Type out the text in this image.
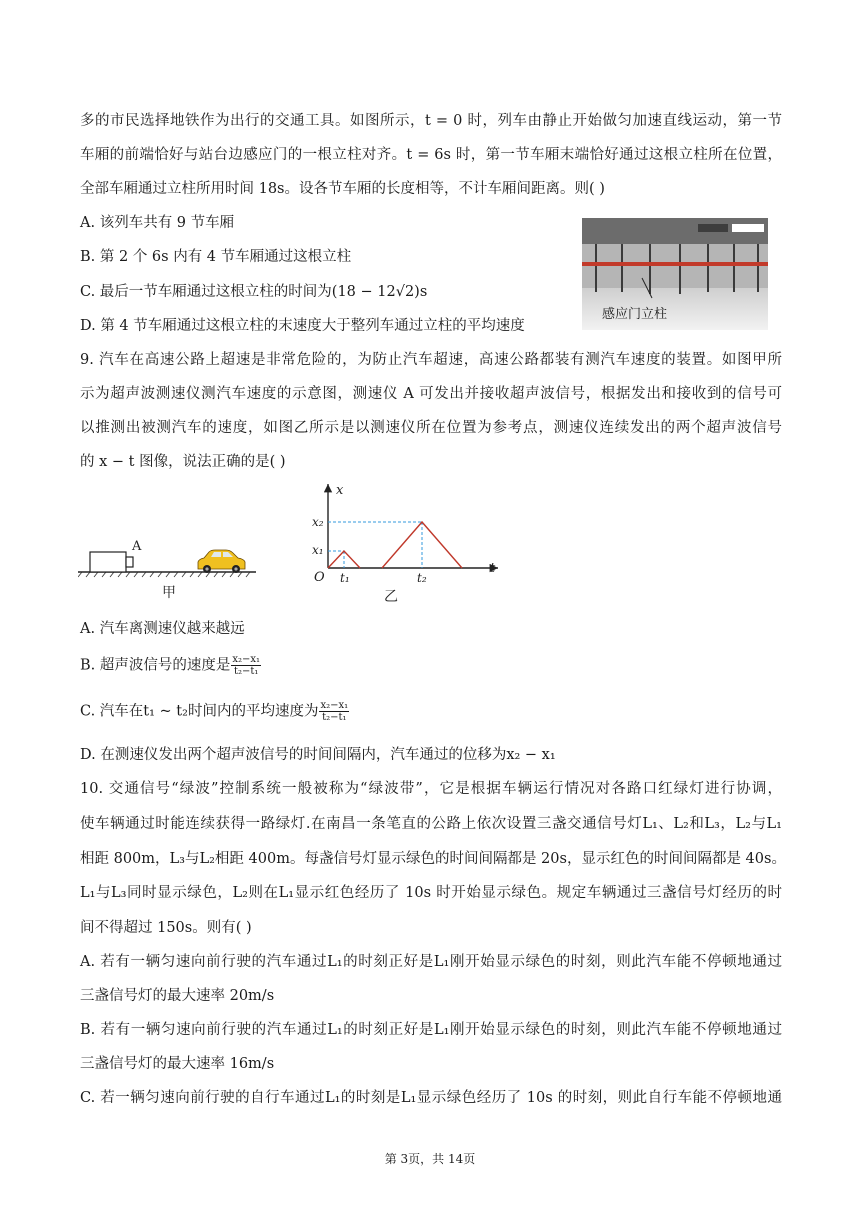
多的市民选择地铁作为出行的交通工具。如图所示，t = 0 时，列车由静止开始做匀加速直线运动，第一节
车厢的前端恰好与站台边感应门的一根立柱对齐。t = 6s 时，第一节车厢末端恰好通过这根立柱所在位置，
全部车厢通过立柱所用时间 18s。设各节车厢的长度相等，不计车厢间距离。则( )
A. 该列车共有 9 节车厢
B. 第 2 个 6s 内有 4 节车厢通过这根立柱
C. 最后一节车厢通过这根立柱的时间为(18 − 12√2)s
D. 第 4 节车厢通过这根立柱的末速度大于整列车通过立柱的平均速度
感应门立柱
9. 汽车在高速公路上超速是非常危险的，为防止汽车超速，高速公路都装有测汽车速度的装置。如图甲所
示为超声波测速仪测汽车速度的示意图，测速仪 A 可发出并接收超声波信号，根据发出和接收到的信号可
以推测出被测汽车的速度，如图乙所示是以测速仪所在位置为参考点，测速仪连续发出的两个超声波信号
的 x − t 图像，说法正确的是( )
A
甲
x
t
O
x₂
x₁
t₁	t₂
乙
A. 汽车离测速仪越来越远
B. 超声波信号的速度是 $\frac{\text{x₂−x₁}}{\text{t₂−t₁}}$
C. 汽车在t₁ ~ t₂时间内的平均速度为 $\frac{\text{x₂−x₁}}{\text{t₂−t₁}}$
D. 在测速仪发出两个超声波信号的时间间隔内，汽车通过的位移为x₂ − x₁
10. 交通信号“绿波”控制系统一般被称为“绿波带”，它是根据车辆运行情况对各路口红绿灯进行协调，
使车辆通过时能连续获得一路绿灯.在南昌一条笔直的公路上依次设置三盏交通信号灯L₁、L₂和L₃，L₂与L₁
相距 800m，L₃与L₂相距 400m。每盏信号灯显示绿色的时间间隔都是 20s，显示红色的时间间隔都是 40s。
L₁与L₃同时显示绿色，L₂则在L₁显示红色经历了 10s 时开始显示绿色。规定车辆通过三盏信号灯经历的时
间不得超过 150s。则有( )
A. 若有一辆匀速向前行驶的汽车通过L₁的时刻正好是L₁刚开始显示绿色的时刻，则此汽车能不停顿地通过
三盏信号灯的最大速率 20m/s
B. 若有一辆匀速向前行驶的汽车通过L₁的时刻正好是L₁刚开始显示绿色的时刻，则此汽车能不停顿地通过
三盏信号灯的最大速率 16m/s
C. 若一辆匀速向前行驶的自行车通过L₁的时刻是L₁显示绿色经历了 10s 的时刻，则此自行车能不停顿地通
第 3页，共 14页
